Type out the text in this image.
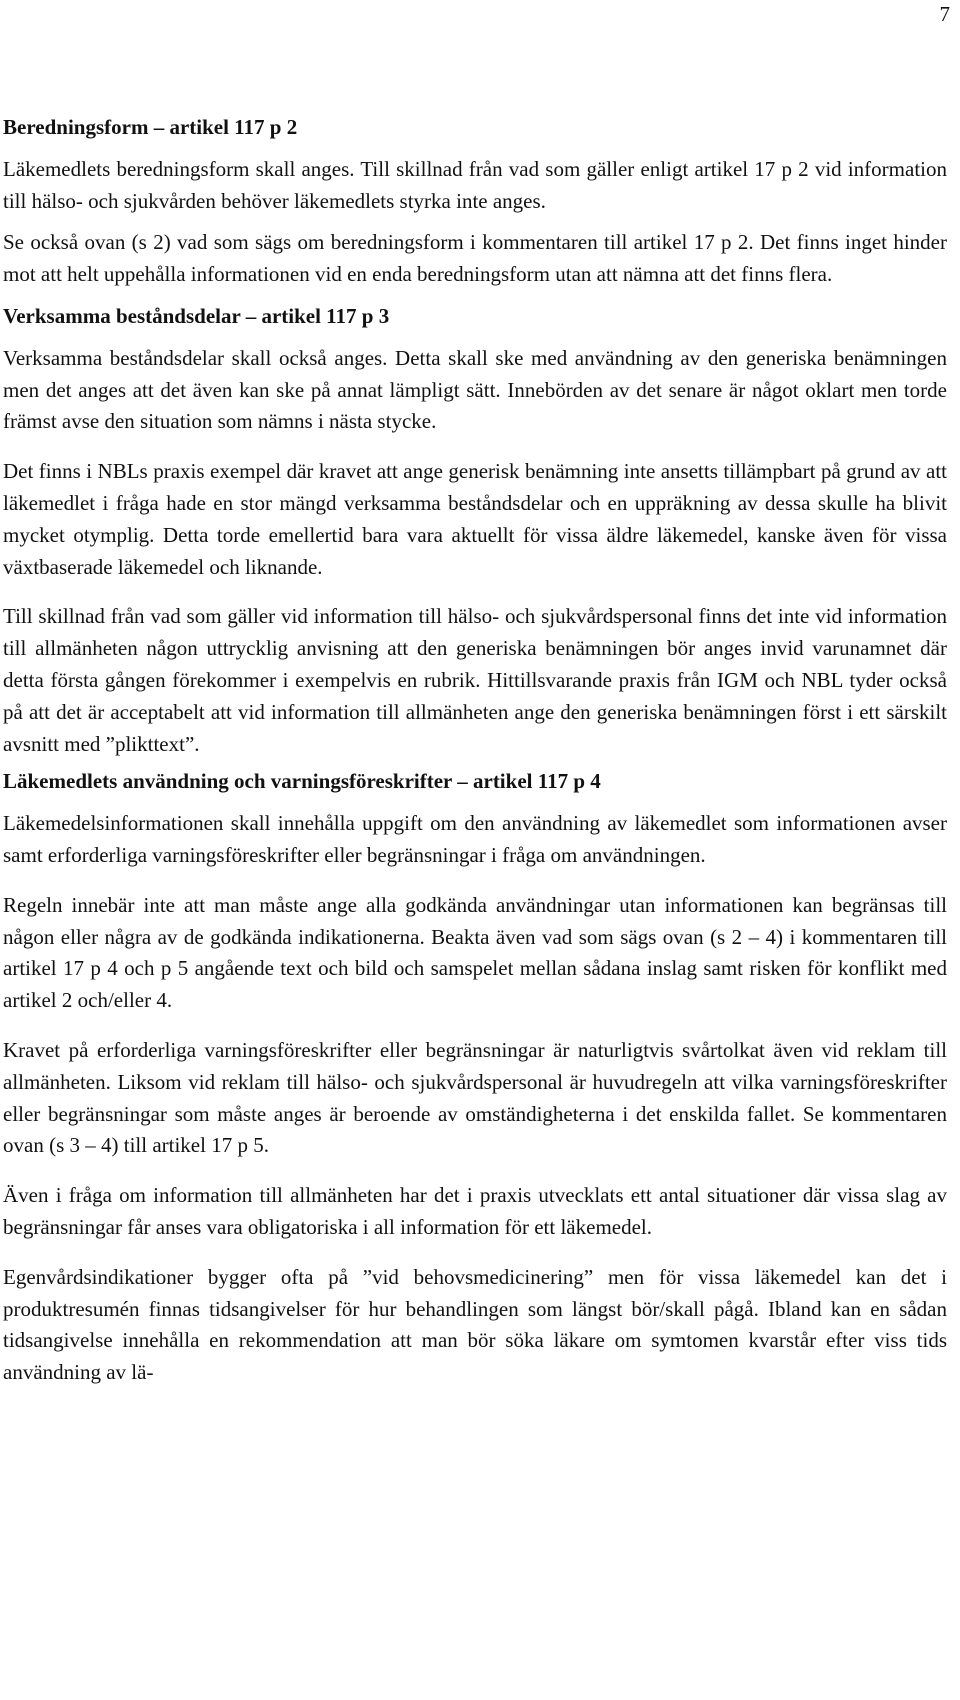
7
Beredningsform – artikel 117 p 2

Läkemedlets beredningsform skall anges. Till skillnad från vad som gäller enligt artikel 17 p 2 vid information till hälso- och sjukvården behöver läkemedlets styrka inte anges.

Se också ovan (s 2) vad som sägs om beredningsform i kommentaren till artikel 17 p 2. Det finns inget hinder mot att helt uppehålla informationen vid en enda beredningsform utan att nämna att det finns flera.

Verksamma beståndsdelar – artikel 117 p 3

Verksamma beståndsdelar skall också anges. Detta skall ske med användning av den generiska benämningen men det anges att det även kan ske på annat lämpligt sätt. Innebörden av det senare är något oklart men torde främst avse den situation som nämns i nästa stycke.

Det finns i NBLs praxis exempel där kravet att ange generisk benämning inte ansetts tillämpbart på grund av att läkemedlet i fråga hade en stor mängd verksamma beståndsdelar och en uppräkning av dessa skulle ha blivit mycket otymplig. Detta torde emellertid bara vara aktuellt för vissa äldre läkemedel, kanske även för vissa växtbaserade läkemedel och liknande.

Till skillnad från vad som gäller vid information till hälso- och sjukvårdspersonal finns det inte vid information till allmänheten någon uttrycklig anvisning att den generiska benämningen bör anges invid varunamnet där detta första gången förekommer i exempelvis en rubrik. Hittillsvarande praxis från IGM och NBL tyder också på att det är acceptabelt att vid information till allmänheten ange den generiska benämningen först i ett särskilt avsnitt med ”plikttext”.

Läkemedlets användning och varningsföreskrifter – artikel 117 p 4

Läkemedelsinformationen skall innehålla uppgift om den användning av läkemedlet som informationen avser samt erforderliga varningsföreskrifter eller begränsningar i fråga om användningen.

Regeln innebär inte att man måste ange alla godkända användningar utan informationen kan begränsas till någon eller några av de godkända indikationerna. Beakta även vad som sägs ovan (s 2 – 4) i kommentaren till artikel 17 p 4 och p 5 angående text och bild och samspelet mellan sådana inslag samt risken för konflikt med artikel 2 och/eller 4.

Kravet på erforderliga varningsföreskrifter eller begränsningar är naturligtvis svårtolkat även vid reklam till allmänheten. Liksom vid reklam till hälso- och sjukvårdspersonal är huvudregeln att vilka varningsföreskrifter eller begränsningar som måste anges är beroende av omständigheterna i det enskilda fallet. Se kommentaren ovan (s 3 – 4) till artikel 17 p 5.

Även i fråga om information till allmänheten har det i praxis utvecklats ett antal situationer där vissa slag av begränsningar får anses vara obligatoriska i all information för ett läkemedel.

Egenvårdsindikationer bygger ofta på ”vid behovsmedicinering” men för vissa läkemedel kan det i produktresumén finnas tidsangivelser för hur behandlingen som längst bör/skall pågå. Ibland kan en sådan tidsangivelse innehålla en rekommendation att man bör söka läkare om symtomen kvarstår efter viss tids användning av lä-
